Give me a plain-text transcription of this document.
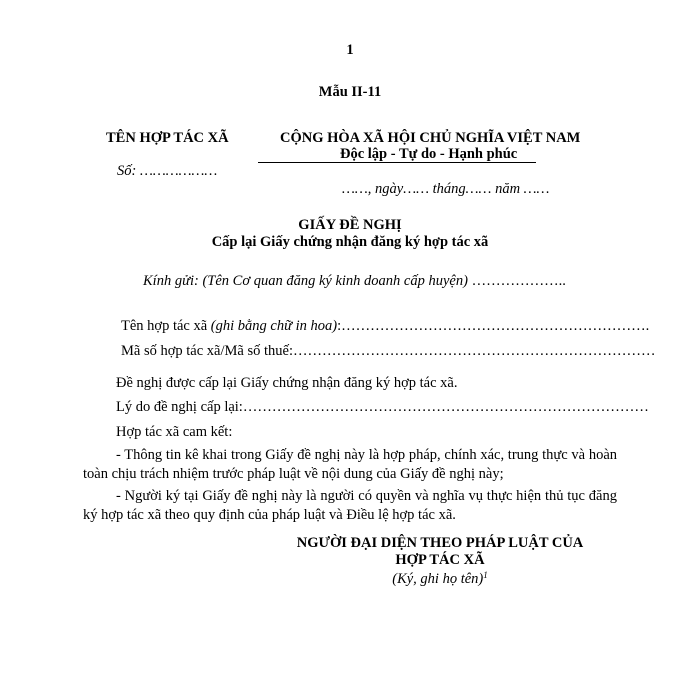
1
Mẫu II-11
TÊN HỢP TÁC XÃ
Số: ………………
CỘNG HÒA XÃ HỘI CHỦ NGHĨA VIỆT NAM
Độc lập - Tự do - Hạnh phúc
……, ngày…… tháng…… năm ……
GIẤY ĐỀ NGHỊ
Cấp lại Giấy chứng nhận đăng ký hợp tác xã
Kính gửi: (Tên Cơ quan đăng ký kinh doanh cấp huyện) ………………..
Tên hợp tác xã (ghi bằng chữ in hoa):……………………………………………………….
Mã số hợp tác xã/Mã số thuế:…………………………………………………………………
Đề nghị được cấp lại Giấy chứng nhận đăng ký hợp tác xã.
Lý do đề nghị cấp lại:…………………………………………………………………………
Hợp tác xã cam kết:
- Thông tin kê khai trong Giấy đề nghị này là hợp pháp, chính xác, trung thực và hoàn toàn chịu trách nhiệm trước pháp luật về nội dung của Giấy đề nghị này;
- Người ký tại Giấy đề nghị này là người có quyền và nghĩa vụ thực hiện thủ tục đăng ký hợp tác xã theo quy định của pháp luật và Điều lệ hợp tác xã.
NGƯỜI ĐẠI DIỆN THEO PHÁP LUẬT CỦA
HỢP TÁC XÃ
(Ký, ghi họ tên)$^1$
